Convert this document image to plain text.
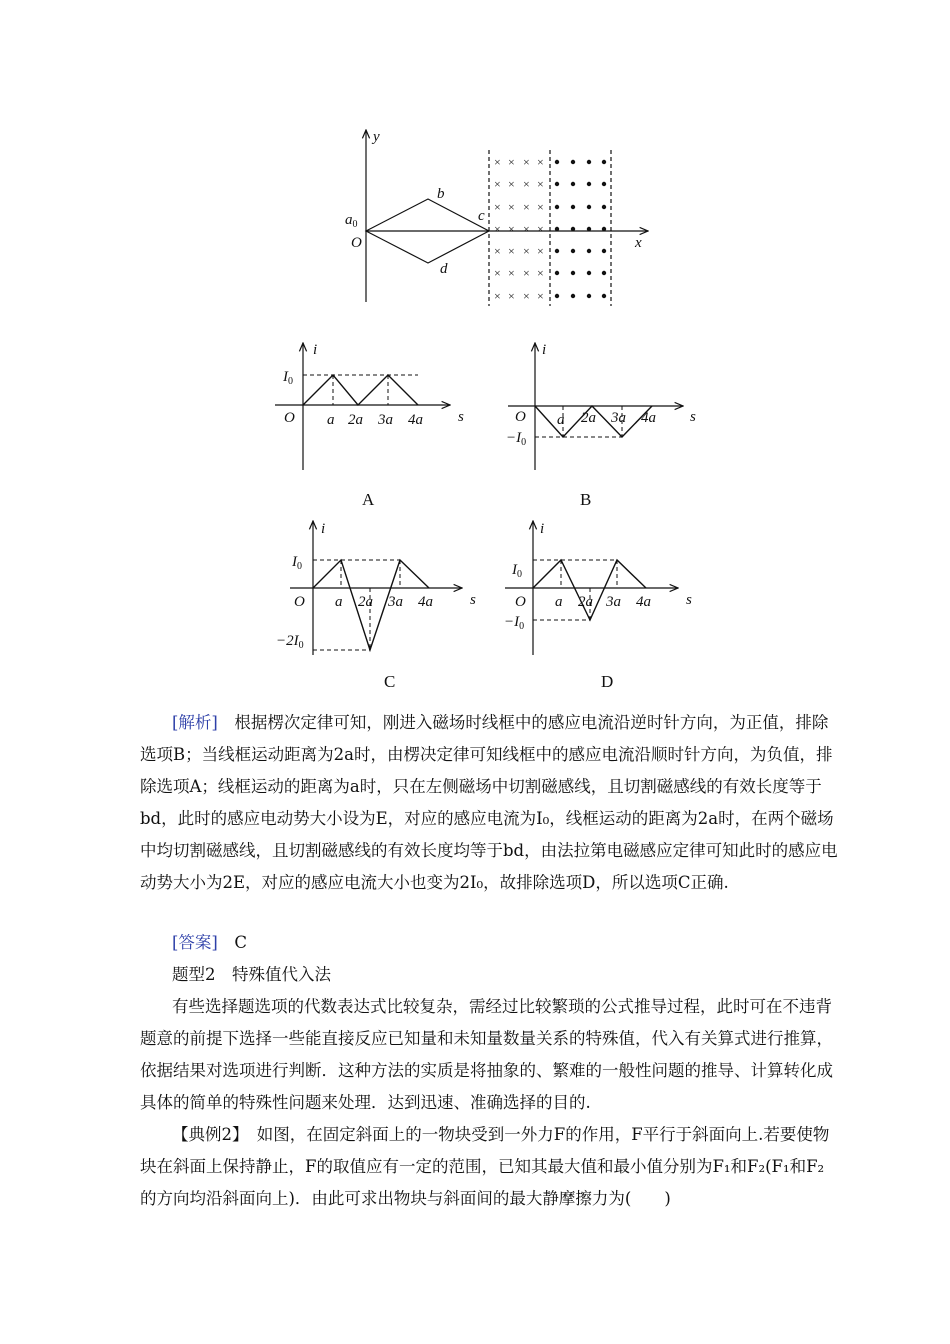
y
x
O
$a_0$
b
c
d
× × × ×
× × × ×
× × × ×
× × × ×
× × × ×
× × × ×
× × × ×
i
s
O
$I_0$
a 2a 3a 4a
A
i
s
O
$-I_0$
a 2a 3a 4a
B
i
s
O
$I_0$
$-2I_0$
a 2a 3a 4a
C
i
s
O
$I_0$
$-I_0$
a 2a 3a 4a
D

[解析]　 根据楞次定律可知，刚进入磁场时线框中的感应电流沿逆时针方向，为正值，排除选项B；当线框运动距离为2a时，由楞决定律可知线框中的感应电流沿顺时针方向，为负值，排除选项A；线框运动的距离为a时，只在左侧磁场中切割磁感线，且切割磁感线的有效长度等于bd，此时的感应电动势大小设为E，对应的感应电流为I₀，线框运动的距离为2a时，在两个磁场中均切割磁感线，且切割磁感线的有效长度均等于bd，由法拉第电磁感应定律可知此时的感应电动势大小为2E，对应的感应电流大小也变为2I₀，故排除选项D，所以选项C正确.

[答案]　 C

题型2　特殊值代入法

有些选择题选项的代数表达式比较复杂，需经过比较繁琐的公式推导过程，此时可在不违背题意的前提下选择一些能直接反应已知量和未知量数量关系的特殊值，代入有关算式进行推算，依据结果对选项进行判断．这种方法的实质是将抽象的、繁难的一般性问题的推导、计算转化成具体的简单的特殊性问题来处理．达到迅速、准确选择的目的.

【典例2】　 如图，在固定斜面上的一物块受到一外力F的作用，F平行于斜面向上.若要使物块在斜面上保持静止，F的取值应有一定的范围，已知其最大值和最小值分别为F₁和F₂(F₁和F₂的方向均沿斜面向上)．由此可求出物块与斜面间的最大静摩擦力为(　　)
